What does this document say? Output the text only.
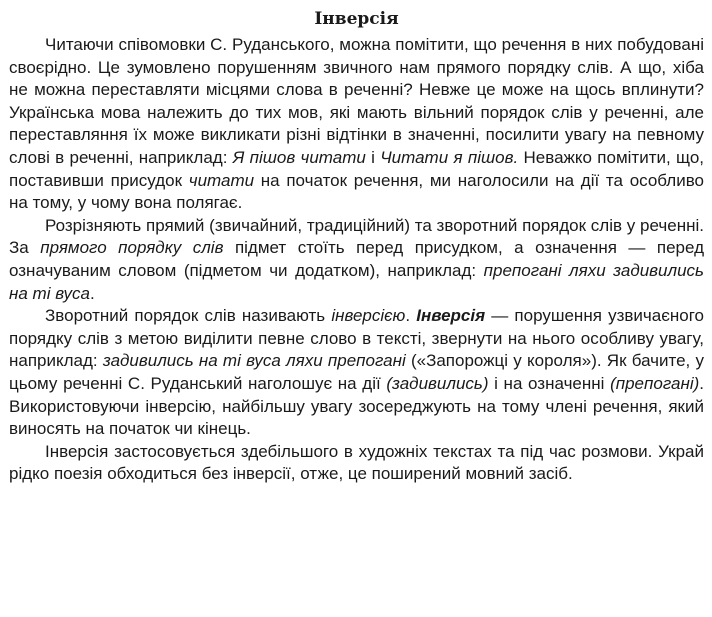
Інверсія

Читаючи співомовки С. Руданського, можна помітити, що речення в них побудовані своєрідно. Це зумовлено порушенням звичного нам прямого порядку слів. А що, хіба не можна переставляти місцями слова в реченні? Невже це може на щось вплинути? Українська мова належить до тих мов, які мають вільний порядок слів у реченні, але переставляння їх може викликати різні відтінки в значенні, посилити увагу на певному слові в реченні, наприклад: Я пішов читати і Читати я пішов. Неважко помітити, що, поставивши присудок читати на початок речення, ми наголосили на дії та особливо на тому, у чому вона полягає.

Розрізняють прямий (звичайний, традиційний) та зворотний порядок слів у реченні. За прямого порядку слів підмет стоїть перед присудком, а означення — перед означуваним словом (підметом чи додатком), наприклад: препогані ляхи задивились на ті вуса.

Зворотний порядок слів називають інверсією. Інверсія — порушення узвичаєного порядку слів з метою виділити певне слово в тексті, звернути на нього особливу увагу, наприклад: задивились на ті вуса ляхи препогані («Запорожці у короля»). Як бачите, у цьому реченні С. Руданський наголошує на дії (задивились) і на означенні (препогані). Використовуючи інверсію, найбільшу увагу зосереджують на тому члені речення, який виносять на початок чи кінець.

Інверсія застосовується здебільшого в художніх текстах та під час розмови. Украй рідко поезія обходиться без інверсії, отже, це поширений мовний засіб.
